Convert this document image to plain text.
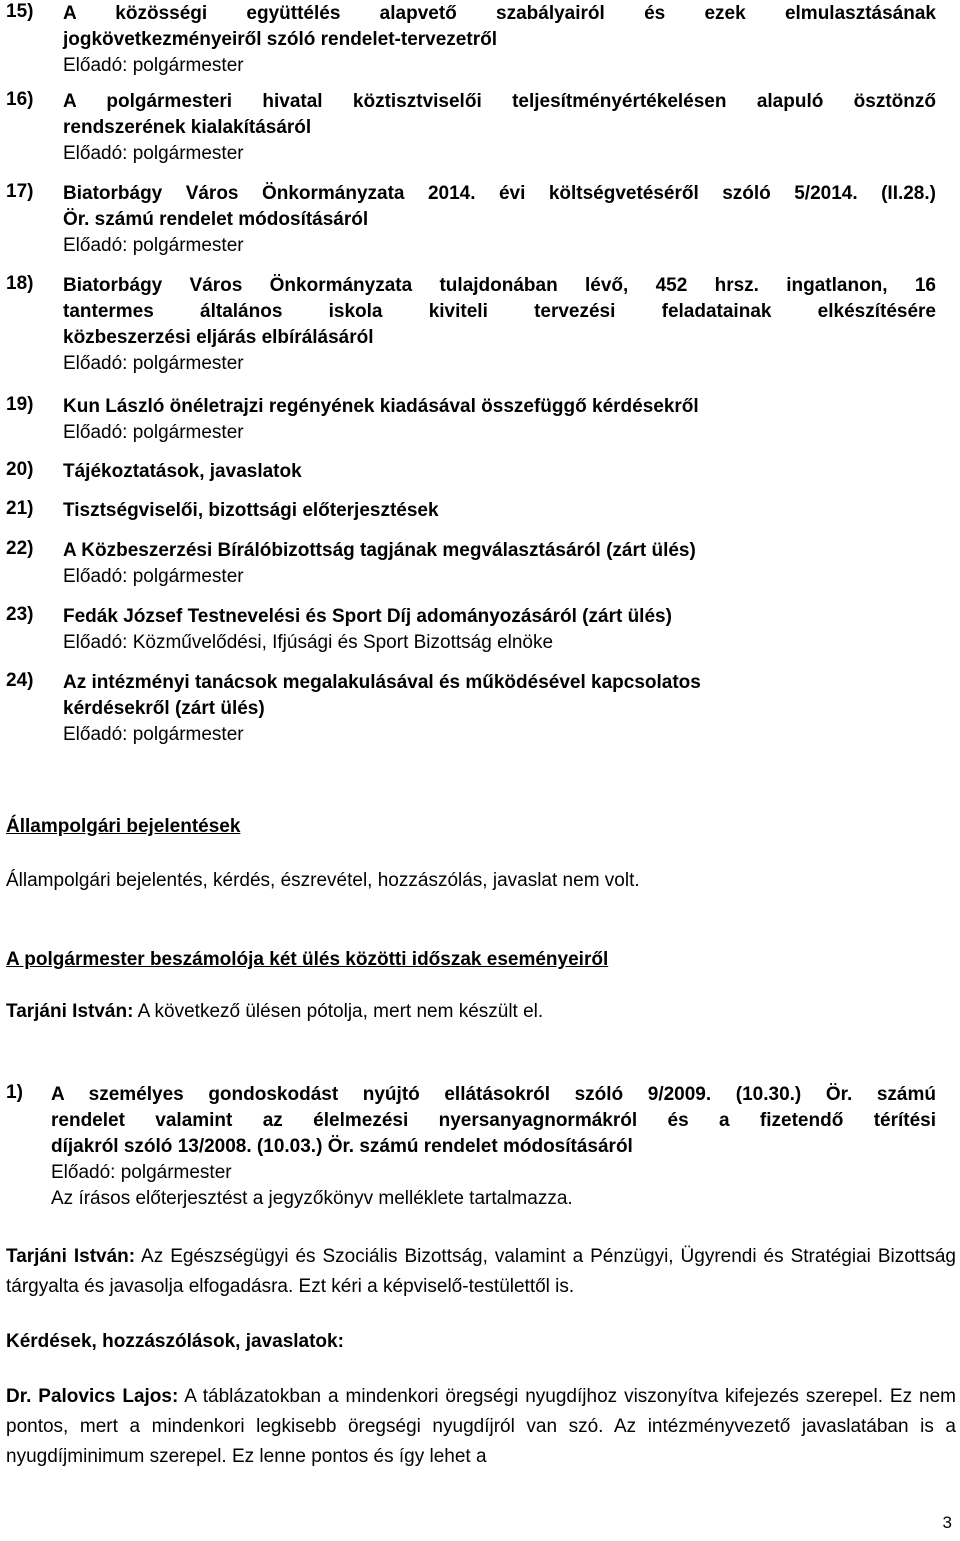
15) A közösségi együttélés alapvető szabályairól és ezek elmulasztásának
jogkövetkezményeiről szóló rendelet-tervezetről
Előadó: polgármester
16) A polgármesteri hivatal köztisztviselői teljesítményértékelésen alapuló ösztönző
rendszerének kialakításáról
Előadó: polgármester
17) Biatorbágy Város Önkormányzata 2014. évi költségvetéséről szóló 5/2014. (II.28.)
Ör. számú rendelet módosításáról
Előadó: polgármester
18) Biatorbágy Város Önkormányzata tulajdonában lévő, 452 hrsz. ingatlanon, 16
tantermes általános iskola kiviteli tervezési feladatainak elkészítésére
közbeszerzési eljárás elbírálásáról
Előadó: polgármester
19) Kun László önéletrajzi regényének kiadásával összefüggő kérdésekről
Előadó: polgármester
20) Tájékoztatások, javaslatok
21) Tisztségviselői, bizottsági előterjesztések
22) A Közbeszerzési Bírálóbizottság tagjának megválasztásáról (zárt ülés)
Előadó: polgármester
23) Fedák József Testnevelési és Sport Díj adományozásáról (zárt ülés)
Előadó: Közművelődési, Ifjúsági és Sport Bizottság elnöke
24) Az intézményi tanácsok megalakulásával és működésével kapcsolatos
kérdésekről (zárt ülés)
Előadó: polgármester
Állampolgári bejelentések
Állampolgári bejelentés, kérdés, észrevétel, hozzászólás, javaslat nem volt.
A polgármester beszámolója két ülés közötti időszak eseményeiről
Tarjáni István: A következő ülésen pótolja, mert nem készült el.
1) A személyes gondoskodást nyújtó ellátásokról szóló 9/2009. (10.30.) Ör. számú
rendelet valamint az élelmezési nyersanyagnormákról és a fizetendő térítési
díjakról szóló 13/2008. (10.03.) Ör. számú rendelet módosításáról
Előadó: polgármester
Az írásos előterjesztést a jegyzőkönyv melléklete tartalmazza.
Tarjáni István: Az Egészségügyi és Szociális Bizottság, valamint a Pénzügyi, Ügyrendi és Stratégiai Bizottság tárgyalta és javasolja elfogadásra. Ezt kéri a képviselő-testülettől is.
Kérdések, hozzászólások, javaslatok:
Dr. Palovics Lajos: A táblázatokban a mindenkori öregségi nyugdíjhoz viszonyítva kifejezés szerepel. Ez nem pontos, mert a mindenkori legkisebb öregségi nyugdíjról van szó. Az intézményvezető javaslatában is a nyugdíjminimum szerepel. Ez lenne pontos és így lehet a
3
